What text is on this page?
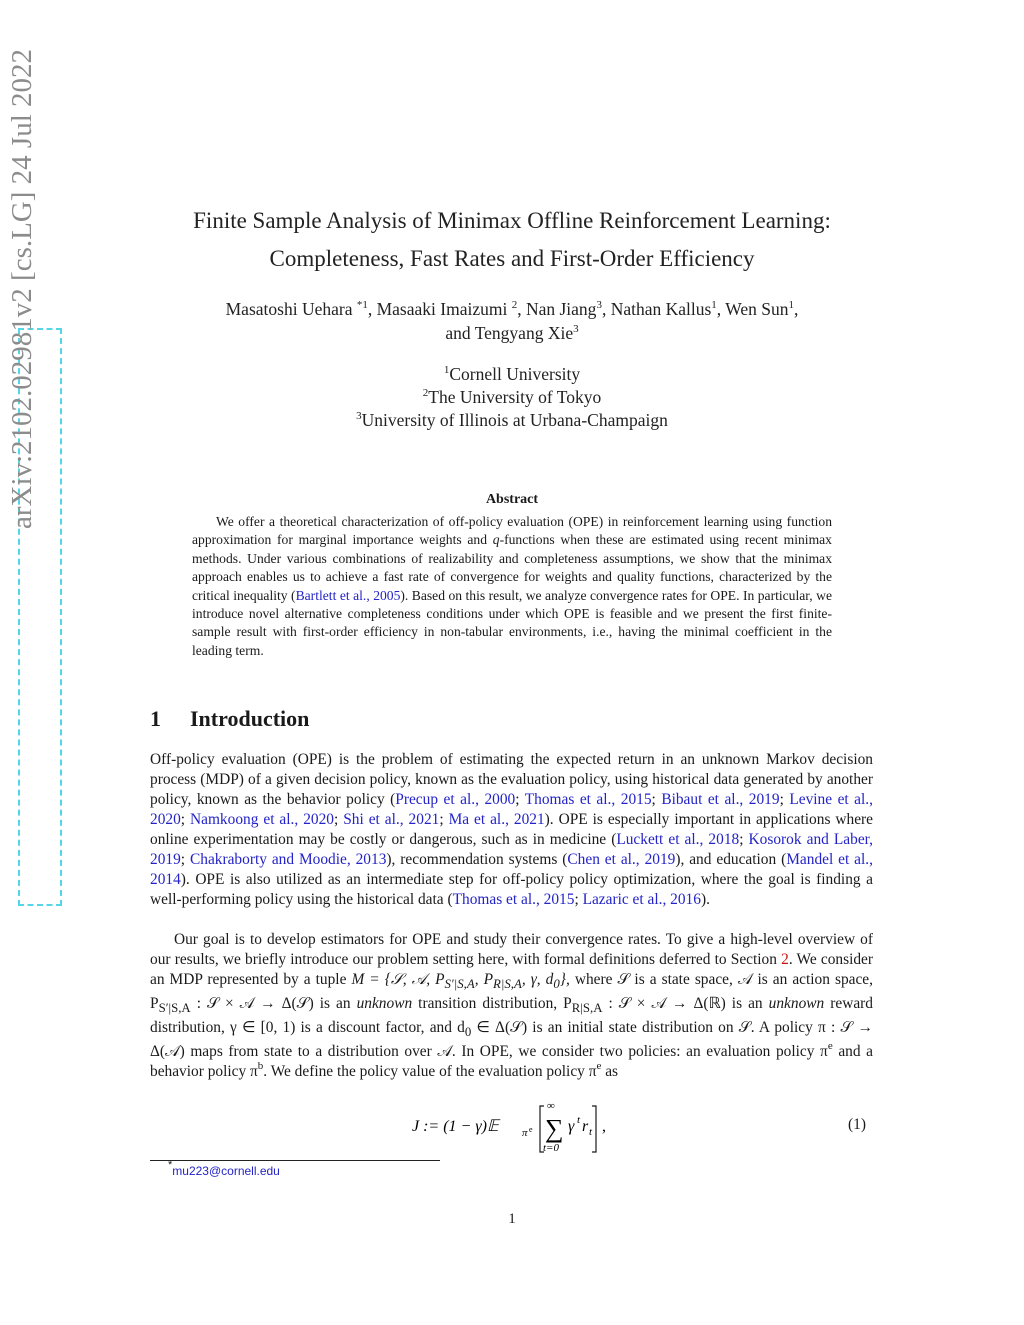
arXiv:2102.02981v2 [cs.LG] 24 Jul 2022	Finite Sample Analysis of Minimax Offline Reinforcement Learning:
Completeness, Fast Rates and First-Order Efficiency
Masatoshi Uehara $^{*1}$, Masaaki Imaizumi $^2$, Nan Jiang$^3$, Nathan Kallus$^1$, Wen Sun$^1$,
and Tengyang Xie$^3$
$^1$Cornell University
$^2$The University of Tokyo
$^3$University of Illinois at Urbana-Champaign
Abstract

We offer a theoretical characterization of off-policy evaluation (OPE) in reinforcement learning using function approximation for marginal importance weights and q-functions when these are estimated using recent minimax methods. Under various combinations of realizability and completeness assumptions, we show that the minimax approach enables us to achieve a fast rate of convergence for weights and quality functions, characterized by the critical inequality (Bartlett et al., 2005). Based on this result, we analyze convergence rates for OPE. In particular, we introduce novel alternative completeness conditions under which OPE is feasible and we present the first finite-sample result with first-order efficiency in non-tabular environments, i.e., having the minimal coefficient in the leading term.

1 Introduction

Off-policy evaluation (OPE) is the problem of estimating the expected return in an unknown Markov decision process (MDP) of a given decision policy, known as the evaluation policy, using historical data generated by another policy, known as the behavior policy (Precup et al., 2000; Thomas et al., 2015; Bibaut et al., 2019; Levine et al., 2020; Namkoong et al., 2020; Shi et al., 2021; Ma et al., 2021). OPE is especially important in applications where online experimentation may be costly or dangerous, such as in medicine (Luckett et al., 2018; Kosorok and Laber, 2019; Chakraborty and Moodie, 2013), recommendation systems (Chen et al., 2019), and education (Mandel et al., 2014). OPE is also utilized as an intermediate step for off-policy policy optimization, where the goal is finding a well-performing policy using the historical data (Thomas et al., 2015; Lazaric et al., 2016).

Our goal is to develop estimators for OPE and study their convergence rates. To give a high-level overview of our results, we briefly introduce our problem setting here, with formal definitions deferred to Section 2. We consider an MDP represented by a tuple M = {𝒮, 𝒜, $P_{S'|S,A}$, $P_{R|S,A}$, γ, $d_0$}, where 𝒮 is a state space, 𝒜 is an action space, $P_{S'|S,A}$ : 𝒮 × 𝒜 → Δ(𝒮) is an unknown transition distribution, $P_{R|S,A}$ : 𝒮 × 𝒜 → Δ(ℝ) is an unknown reward distribution, γ ∈ [0, 1) is a discount factor, and $d_0$ ∈ Δ(𝒮) is an initial state distribution on 𝒮. A policy π : 𝒮 → Δ(𝒜) maps from state to a distribution over 𝒜. In OPE, we consider two policies: an evaluation policy $\pi^e$ and a behavior policy $\pi^b$. We define the policy value of the evaluation policy $\pi^e$ as

J := (1 − γ)𝔼 π e
∞
∑
t=0
γ t r t ,	(1)
*mu223@cornell.edu
1
